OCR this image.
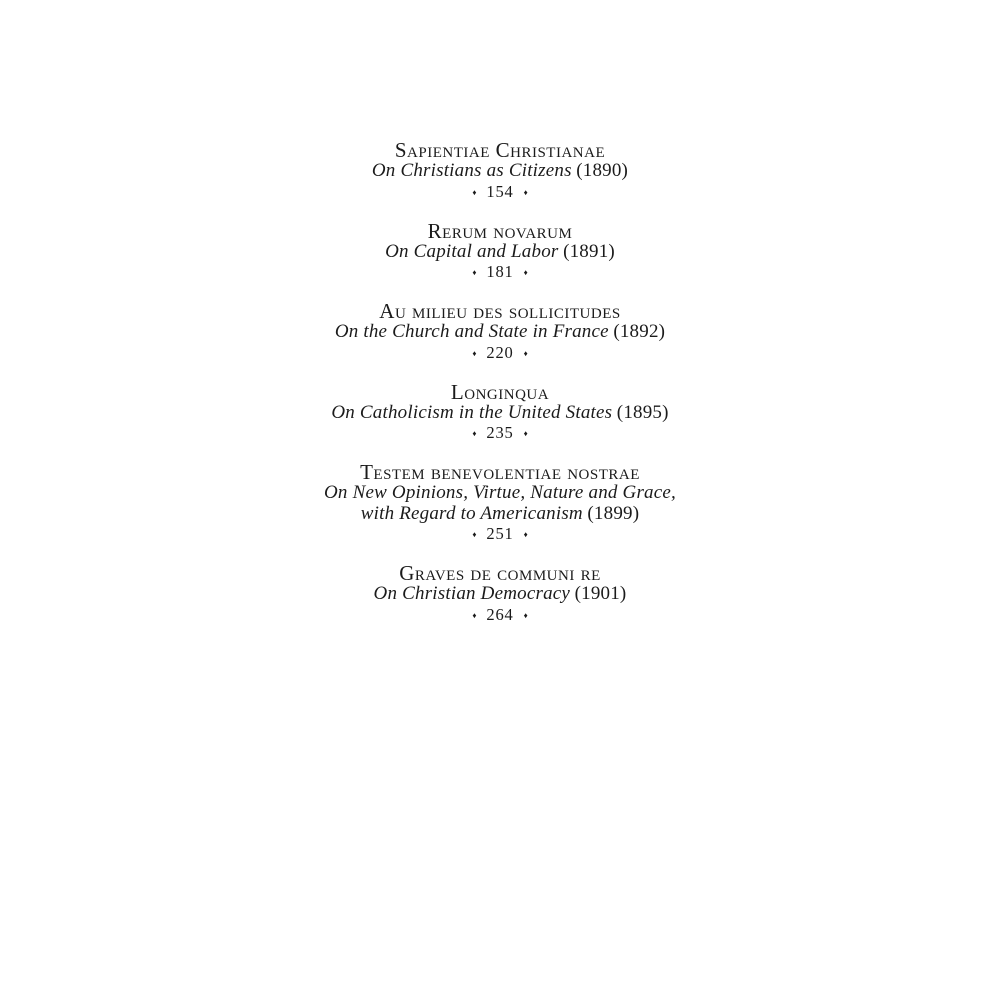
Sapientiae Christianae
On Christians as Citizens (1890)
♦ 154 ♦
Rerum novarum
On Capital and Labor (1891)
♦ 181 ♦
Au milieu des sollicitudes
On the Church and State in France (1892)
♦ 220 ♦
Longinqua
On Catholicism in the United States (1895)
♦ 235 ♦
Testem benevolentiae nostrae
On New Opinions, Virtue, Nature and Grace,
with Regard to Americanism (1899)
♦ 251 ♦
Graves de communi re
On Christian Democracy (1901)
♦ 264 ♦
